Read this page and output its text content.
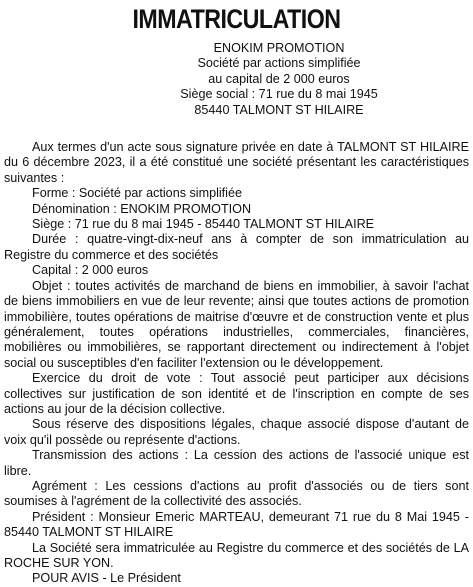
IMMATRICULATION
ENOKIM PROMOTION
Société par actions simplifiée
au capital de 2 000 euros
Siège social : 71 rue du 8 mai 1945
85440 TALMONT ST HILAIRE

Aux termes d'un acte sous signature privée en date à TALMONT ST HILAIRE du 6 décembre 2023, il a été constitué une société présentant les caractéristiques suivantes :

Forme : Société par actions simplifiée

Dénomination : ENOKIM PROMOTION

Siège : 71 rue du 8 mai 1945 - 85440 TALMONT ST HILAIRE

Durée : quatre-vingt-dix-neuf ans à compter de son immatriculation au Registre du commerce et des sociétés

Capital : 2 000 euros

Objet : toutes activités de marchand de biens en immobilier, à savoir l'achat de biens immobiliers en vue de leur revente; ainsi que toutes actions de promotion immobilière, toutes opérations de maitrise d'œuvre et de construction vente et plus généralement, toutes opérations industrielles, commerciales, financières, mobilières ou immobilières, se rapportant directement ou indirectement à l'objet social ou susceptibles d'en faciliter l'extension ou le développement.

Exercice du droit de vote : Tout associé peut participer aux décisions collectives sur justification de son identité et de l'inscription en compte de ses actions au jour de la décision collective.

Sous réserve des dispositions légales, chaque associé dispose d'autant de voix qu'il possède ou représente d'actions.

Transmission des actions : La cession des actions de l'associé unique est libre.

Agrément : Les cessions d'actions au profit d'associés ou de tiers sont soumises à l'agrément de la collectivité des associés.

Président : Monsieur Emeric MARTEAU, demeurant 71 rue du 8 Mai 1945 - 85440 TALMONT ST HILAIRE

La Société sera immatriculée au Registre du commerce et des sociétés de LA ROCHE SUR YON.

POUR AVIS - Le Président
